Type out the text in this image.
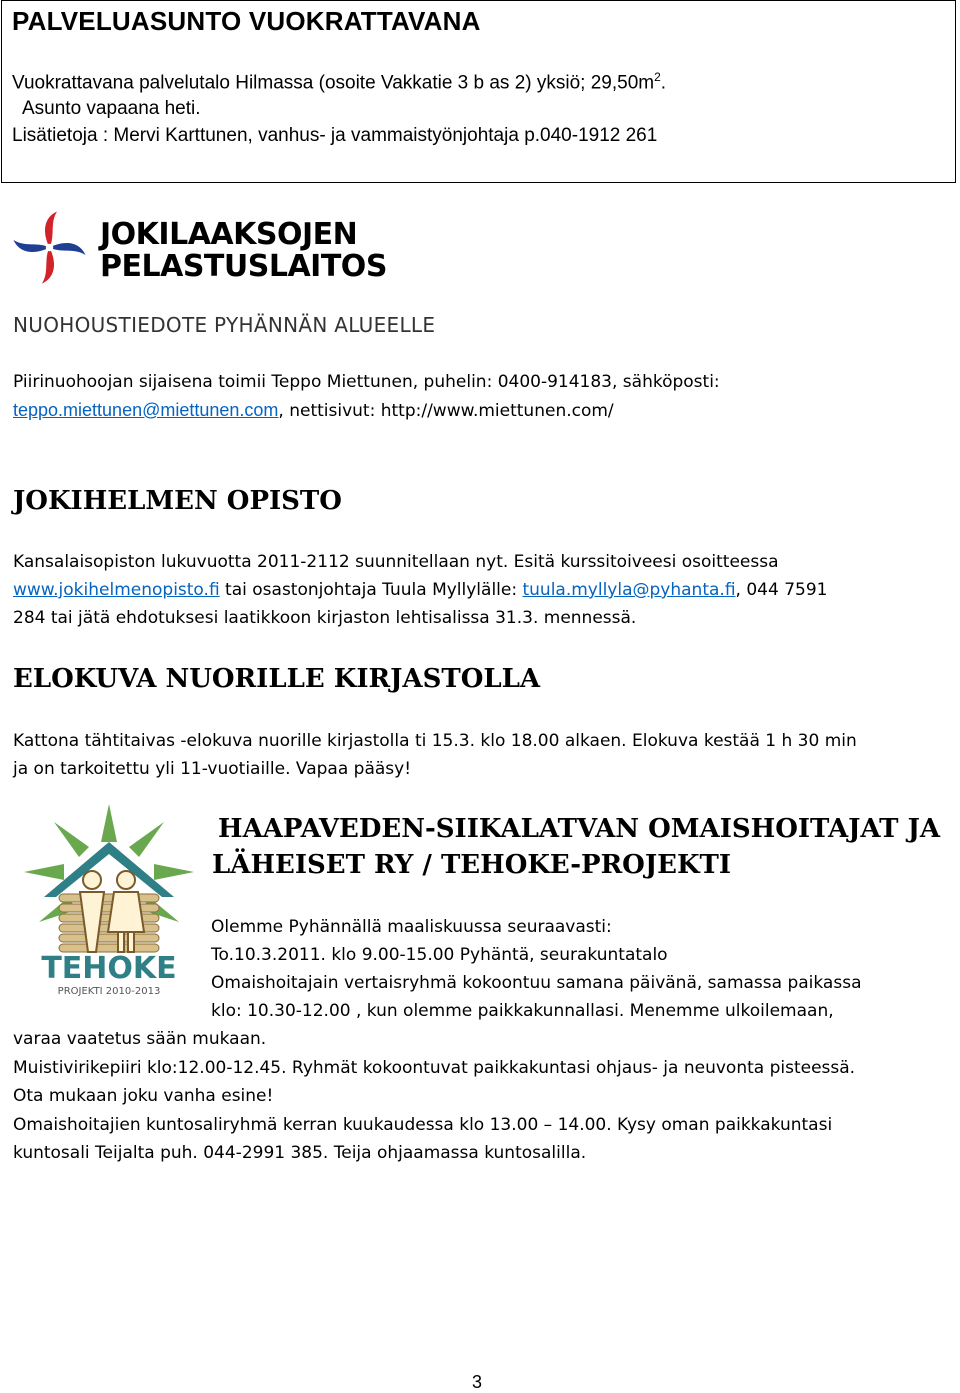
PALVELUASUNTO VUOKRATTAVANA
Vuokrattavana palvelutalo Hilmassa (osoite Vakkatie 3 b as 2) yksiö; $29,50m^2$.
Asunto vapaana heti.
Lisätietoja : Mervi Karttunen, vanhus- ja vammaistyönjohtaja p.040-1912 261
JOKILAAKSOJEN
PELASTUSLAITOS
NUOHOUSTIEDOTE PYHÄNNÄN ALUEELLE
Piirinuohoojan sijaisena toimii Teppo Miettunen, puhelin: 0400-914183, sähköposti:
teppo.miettunen@miettunen.com, nettisivut: http://www.miettunen.com/
JOKIHELMEN OPISTO
Kansalaisopiston lukuvuotta 2011-2112 suunnitellaan nyt. Esitä kurssitoiveesi osoitteessa
www.jokihelmenopisto.fi tai osastonjohtaja Tuula Myllylälle: tuula.myllyla@pyhanta.fi, 044 7591
284 tai jätä ehdotuksesi laatikkoon kirjaston lehtisalissa 31.3. mennessä.
ELOKUVA NUORILLE KIRJASTOLLA
Kattona tähtitaivas -elokuva nuorille kirjastolla ti 15.3. klo 18.00 alkaen. Elokuva kestää 1 h 30 min
ja on tarkoitettu yli 11-vuotiaille. Vapaa pääsy!
TEHOKE
PROJEKTI 2010-2013
HAAPAVEDEN-SIIKALATVAN OMAISHOITAJAT JA
LÄHEISET RY / TEHOKE-PROJEKTI
Olemme Pyhännällä maaliskuussa seuraavasti:
To.10.3.2011. klo 9.00-15.00 Pyhäntä, seurakuntatalo
Omaishoitajain vertaisryhmä kokoontuu samana päivänä, samassa paikassa
klo: 10.30-12.00 , kun olemme paikkakunnallasi. Menemme ulkoilemaan,
varaa vaatetus sään mukaan.
Muistivirikepiiri klo:12.00-12.45. Ryhmät kokoontuvat paikkakuntasi ohjaus- ja neuvonta pisteessä.
Ota mukaan joku vanha esine!
Omaishoitajien kuntosaliryhmä kerran kuukaudessa klo 13.00 – 14.00. Kysy oman paikkakuntasi
kuntosali Teijalta puh. 044-2991 385. Teija ohjaamassa kuntosalilla.
3
